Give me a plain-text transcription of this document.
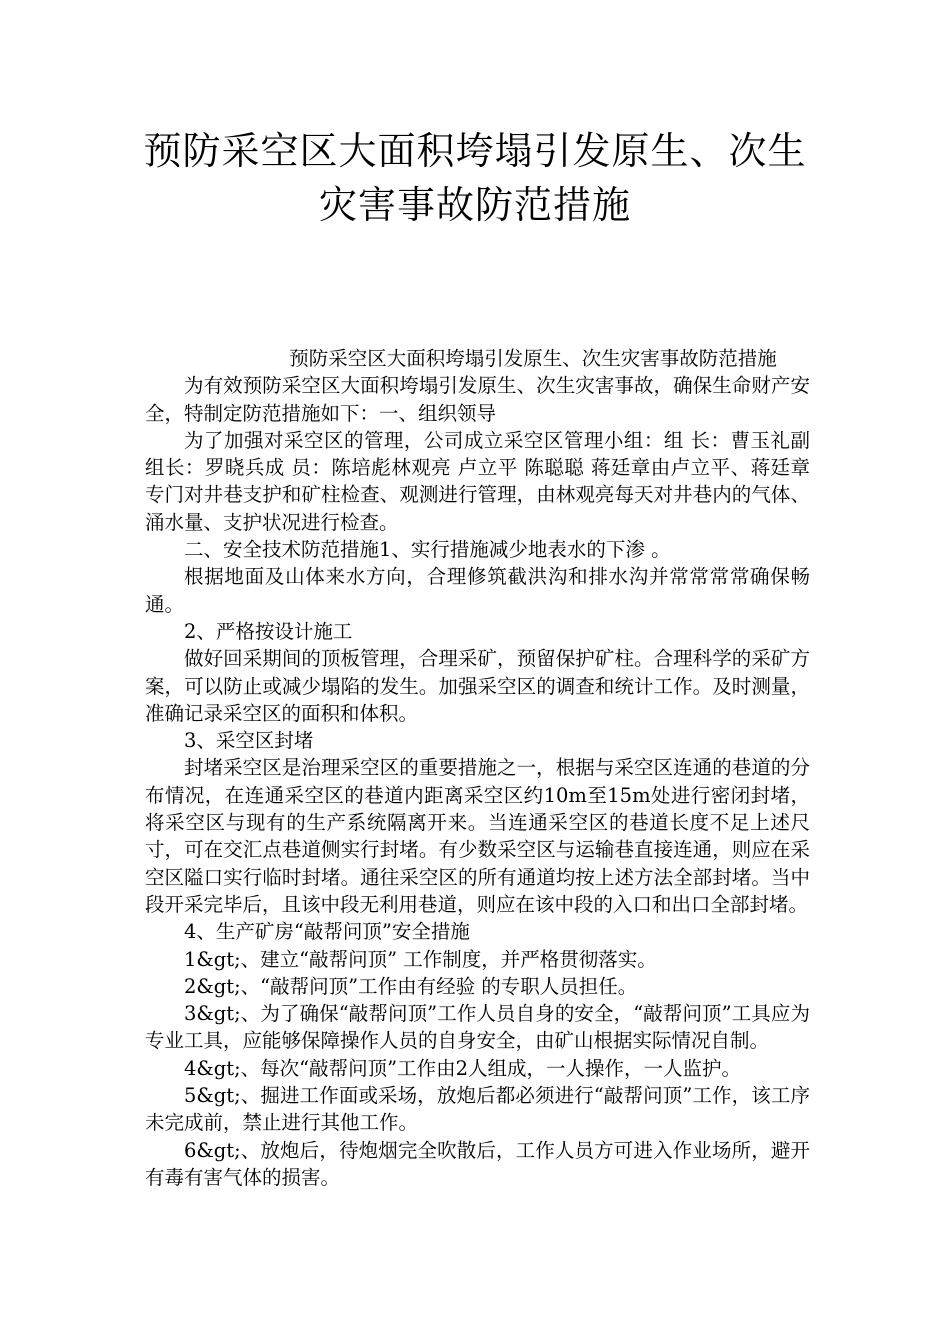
预防采空区大面积垮塌引发原生、次生
灾害事故防范措施

预防采空区大面积垮塌引发原生、次生灾害事故防范措施

为有效预防采空区大面积垮塌引发原生、次生灾害事故，确保生命财产安全，特制定防范措施如下：一、组织领导

为了加强对采空区的管理，公司成立采空区管理小组：组 长：曹玉礼副组长：罗晓兵成 员：陈培彪林观亮 卢立平 陈聪聪 蒋廷章由卢立平、蒋廷章专门对井巷支护和矿柱检查、观测进行管理，由林观亮每天对井巷内的气体、涌水量、支护状况进行检查。

二、安全技术防范措施1、实行措施减少地表水的下渗 。

根据地面及山体来水方向，合理修筑截洪沟和排水沟并常常常常确保畅通。

2、严格按设计施工

做好回采期间的顶板管理，合理采矿，预留保护矿柱。合理科学的采矿方案，可以防止或减少塌陷的发生。加强采空区的调查和统计工作。及时测量，准确记录采空区的面积和体积。

3、采空区封堵

封堵采空区是治理采空区的重要措施之一，根据与采空区连通的巷道的分布情况，在连通采空区的巷道内距离采空区约10m至15m处进行密闭封堵，将采空区与现有的生产系统隔离开来。当连通采空区的巷道长度不足上述尺寸，可在交汇点巷道侧实行封堵。有少数采空区与运输巷直接连通，则应在采空区隘口实行临时封堵。通往采空区的所有通道均按上述方法全部封堵。当中段开采完毕后，且该中段无利用巷道，则应在该中段的入口和出口全部封堵。

4、生产矿房“敲帮问顶”安全措施

1&gt;、建立“敲帮问顶” 工作制度，并严格贯彻落实。

2&gt;、“敲帮问顶”工作由有经验 的专职人员担任。

3&gt;、为了确保“敲帮问顶”工作人员自身的安全，“敲帮问顶”工具应为专业工具，应能够保障操作人员的自身安全，由矿山根据实际情况自制。

4&gt;、每次“敲帮问顶”工作由2人组成，一人操作，一人监护。

5&gt;、掘进工作面或采场，放炮后都必须进行“敲帮问顶”工作，该工序未完成前，禁止进行其他工作。

6&gt;、放炮后，待炮烟完全吹散后，工作人员方可进入作业场所，避开有毒有害气体的损害。
